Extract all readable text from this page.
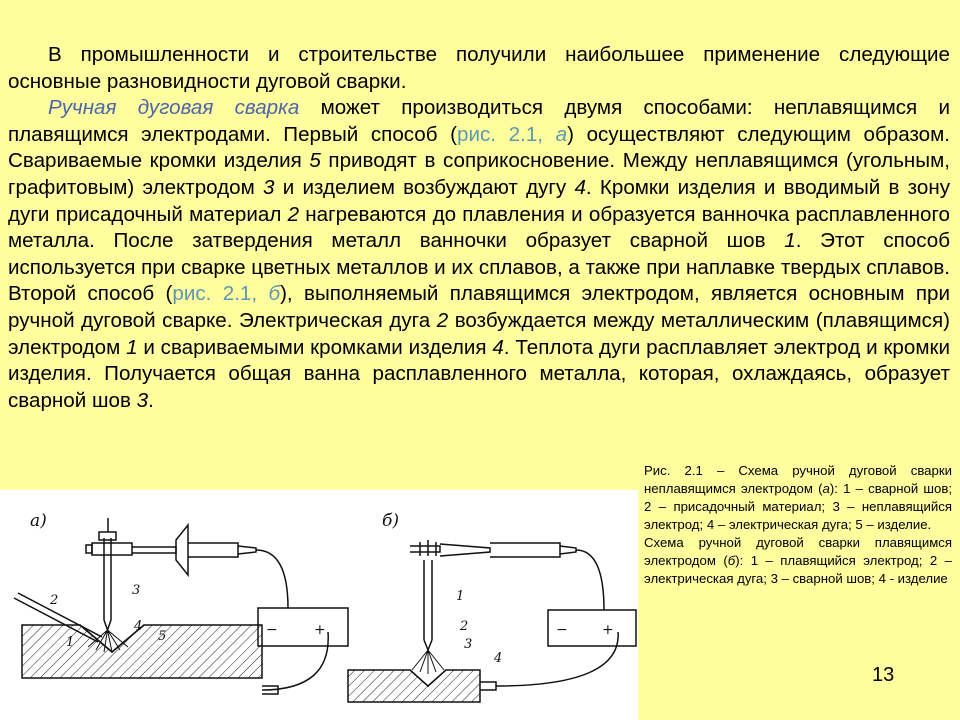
В промышленности и строительстве получили наибольшее применение следующие основные разновидности дуговой сварки.

Ручная дуговая сварка может производиться двумя способами: неплавящимся и плавящимся электродами. Первый способ (рис. 2.1, а) осуществляют следующим образом. Свариваемые кромки изделия 5 приводят в соприкосновение. Между неплавящимся (угольным, графитовым) электродом 3 и изделием возбуждают дугу 4. Кромки изделия и вводимый в зону дуги присадочный материал 2 нагреваются до плавления и образуется ванночка расплавленного металла. После затвердения металл ванночки образует сварной шов 1. Этот способ используется при сварке цветных металлов и их сплавов, а также при наплавке твердых сплавов. Второй способ (рис. 2.1, б), выполняемый плавящимся электродом, является основным при ручной дуговой сварке. Электрическая дуга 2 возбуждается между металлическим (плавящимся) электродом 1 и свариваемыми кромками изделия 4. Теплота дуги расплавляет электрод и кромки изделия. Получается общая ванна расплавленного металла, которая, охлаждаясь, образует сварной шов 3.

а)
−	+
2
3
4
5
1
б)
− +
1
2
3
4

Рис. 2.1 – Схема ручной дуговой сварки неплавящимся электродом (а): 1 – сварной шов; 2 – присадочный материал; 3 – неплавящийся электрод; 4 – электрическая дуга; 5 – изделие.

Схема ручной дуговой сварки плавящимся электродом (б): 1 – плавящийся электрод; 2 – электрическая дуга; 3 – сварной шов; 4 - изделие

13
